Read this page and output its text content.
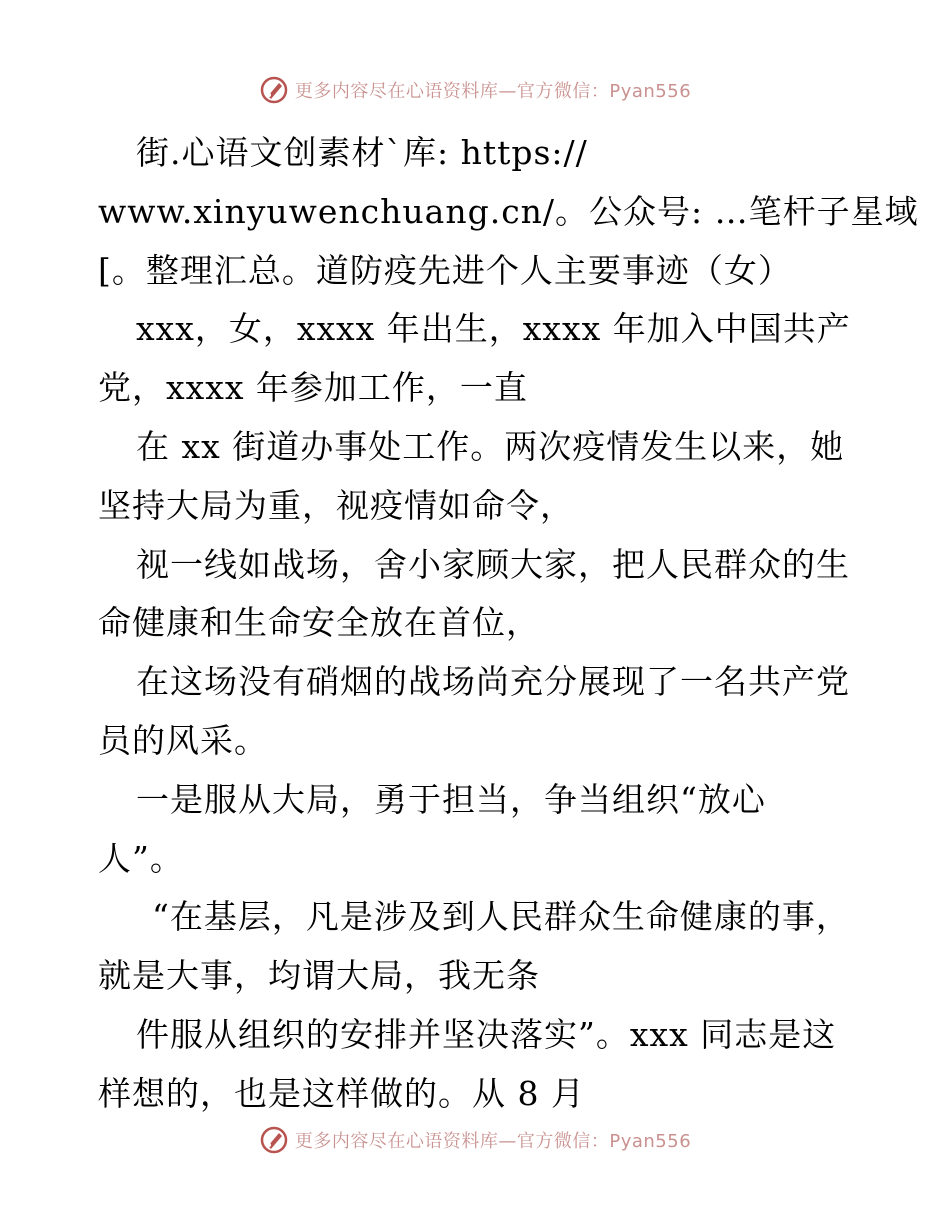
更多内容尽在心语资料库—官方微信：Pyan556
街.心语文创素材`库: https://
www.xinyuwenchuang.cn/。公众号: …笔杆子星域
[。整理汇总。道防疫先进个人主要事迹（女）
xxx，女，xxxx 年出生，xxxx 年加入中国共产
党，xxxx 年参加工作，一直
在 xx 街道办事处工作。两次疫情发生以来，她
坚持大局为重，视疫情如命令，
视一线如战场，舍小家顾大家，把人民群众的生
命健康和生命安全放在首位，
在这场没有硝烟的战场尚充分展现了一名共产党
员的风采。
一是服从大局，勇于担当，争当组织“放心
人”。
“在基层，凡是涉及到人民群众生命健康的事，
就是大事，均谓大局，我无条
件服从组织的安排并坚决落实”。xxx 同志是这
样想的，也是这样做的。从 8 月
更多内容尽在心语资料库—官方微信：Pyan556
